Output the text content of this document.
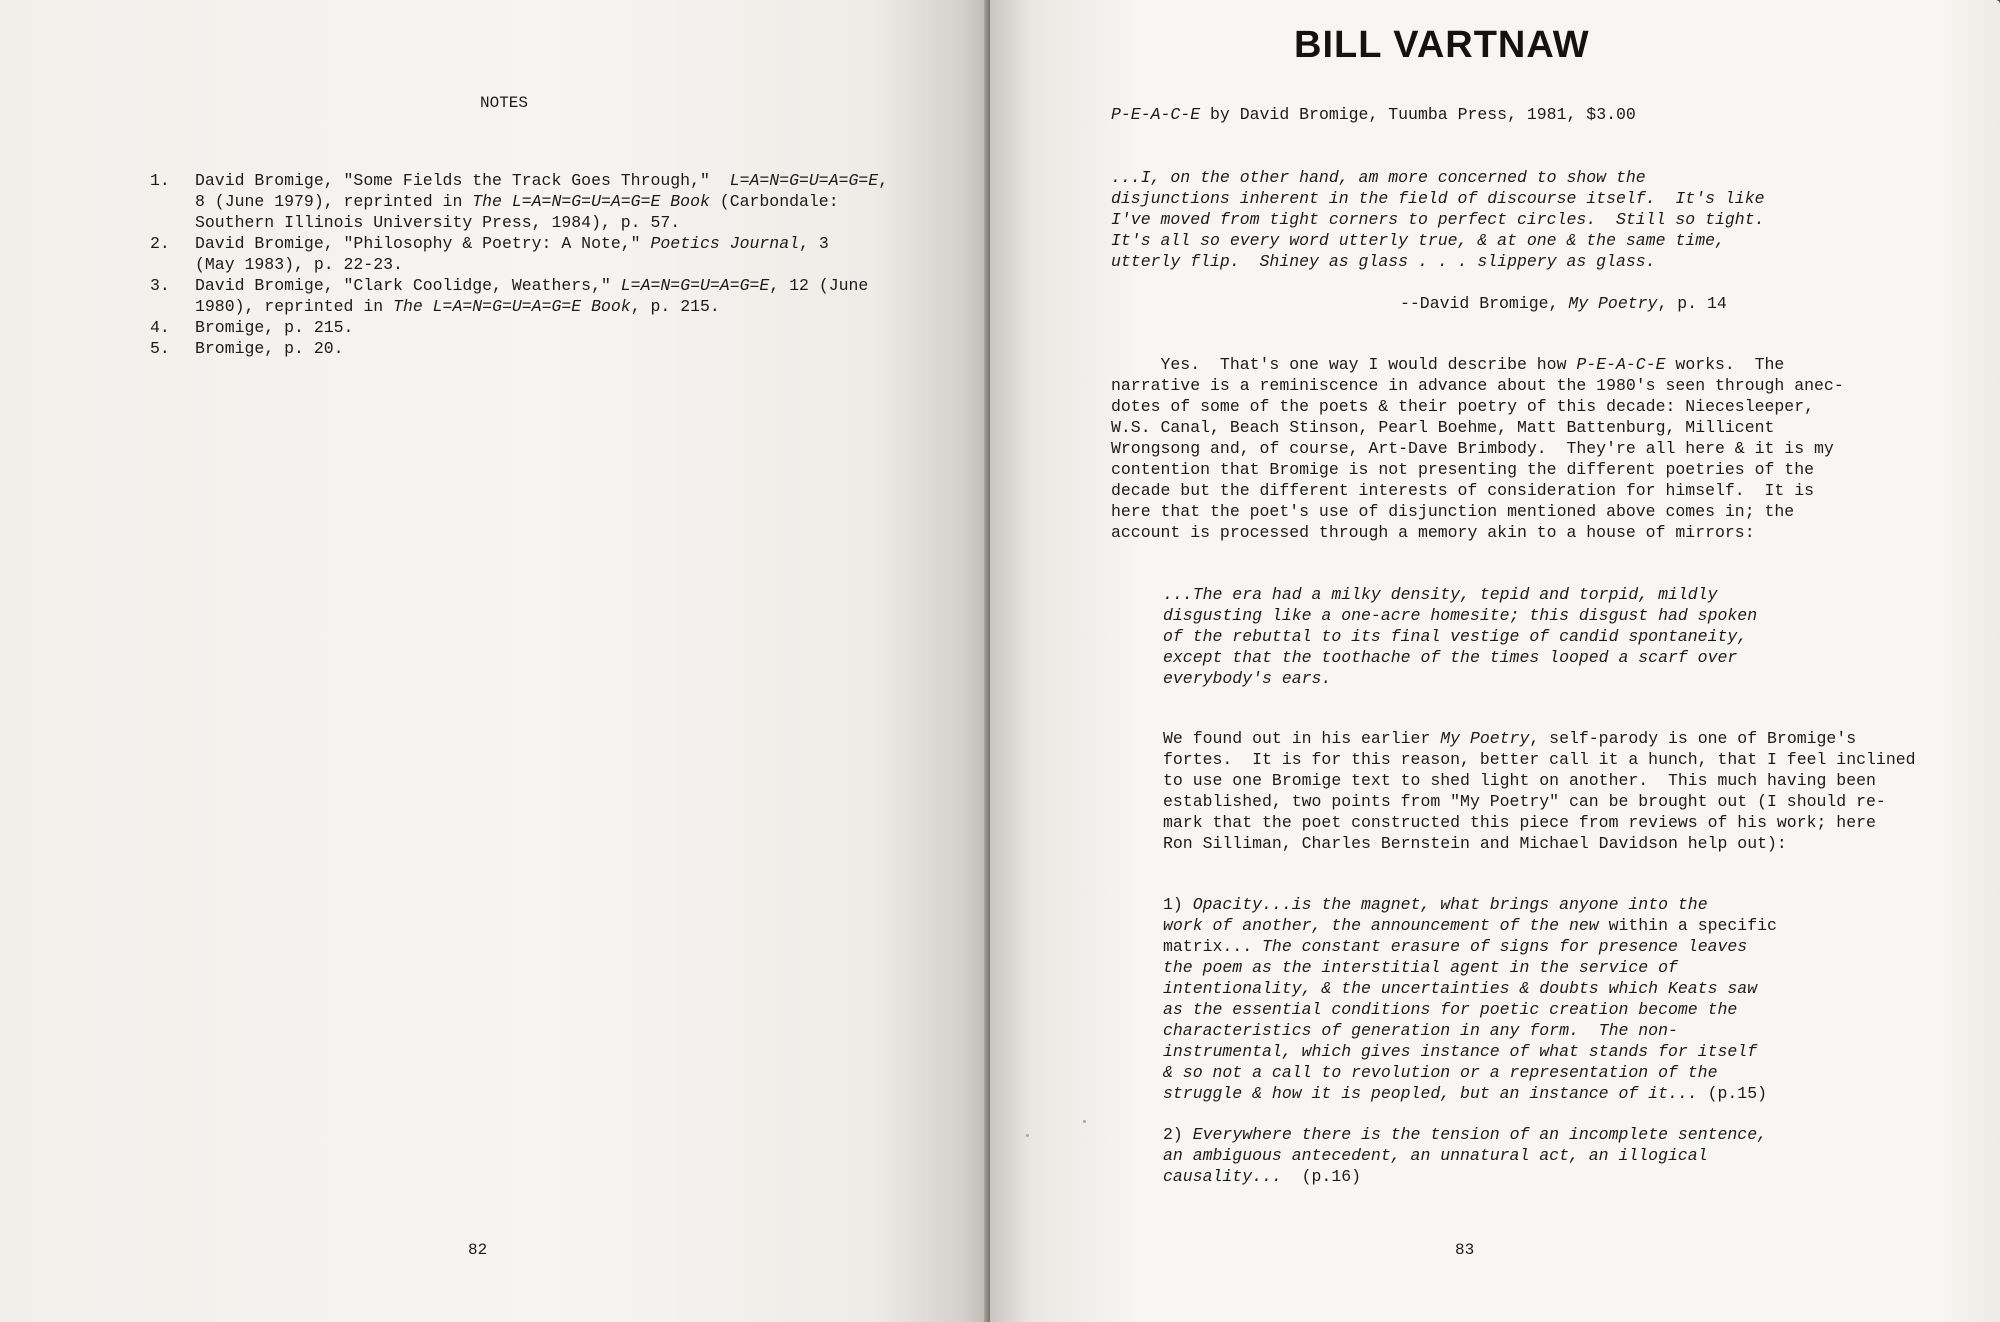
NOTES
1. David Bromige, "Some Fields the Track Goes Through,"  L=A=N=G=U=A=G=E,
8 (June 1979), reprinted in The L=A=N=G=U=A=G=E Book (Carbondale:
Southern Illinois University Press, 1984), p. 57.
2. David Bromige, "Philosophy & Poetry: A Note," Poetics Journal, 3
(May 1983), p. 22-23.
3. David Bromige, "Clark Coolidge, Weathers," L=A=N=G=U=A=G=E, 12 (June
1980), reprinted in The L=A=N=G=U=A=G=E Book, p. 215.
4. Bromige, p. 215.
5. Bromige, p. 20.
82
BILL VARTNAW
P-E-A-C-E by David Bromige, Tuumba Press, 1981, $3.00
...I, on the other hand, am more concerned to show the
disjunctions inherent in the field of discourse itself.  It's like
I've moved from tight corners to perfect circles.  Still so tight.
It's all so every word utterly true, & at one & the same time,
utterly flip.  Shiney as glass . . . slippery as glass.
--David Bromige, My Poetry, p. 14
Yes.  That's one way I would describe how P-E-A-C-E works.  The
narrative is a reminiscence in advance about the 1980's seen through anec-
dotes of some of the poets & their poetry of this decade: Niecesleeper,
W.S. Canal, Beach Stinson, Pearl Boehme, Matt Battenburg, Millicent
Wrongsong and, of course, Art-Dave Brimbody.  They're all here & it is my
contention that Bromige is not presenting the different poetries of the
decade but the different interests of consideration for himself.  It is
here that the poet's use of disjunction mentioned above comes in; the
account is processed through a memory akin to a house of mirrors:
...The era had a milky density, tepid and torpid, mildly
disgusting like a one-acre homesite; this disgust had spoken
of the rebuttal to its final vestige of candid spontaneity,
except that the toothache of the times looped a scarf over
everybody's ears.
We found out in his earlier My Poetry, self-parody is one of Bromige's
fortes.  It is for this reason, better call it a hunch, that I feel inclined
to use one Bromige text to shed light on another.  This much having been
established, two points from "My Poetry" can be brought out (I should re-
mark that the poet constructed this piece from reviews of his work; here
Ron Silliman, Charles Bernstein and Michael Davidson help out):
1) Opacity...is the magnet, what brings anyone into the
work of another, the announcement of the new within a specific
matrix... The constant erasure of signs for presence leaves
the poem as the interstitial agent in the service of
intentionality, & the uncertainties & doubts which Keats saw
as the essential conditions for poetic creation become the
characteristics of generation in any form.  The non-
instrumental, which gives instance of what stands for itself
& so not a call to revolution or a representation of the
struggle & how it is peopled, but an instance of it... (p.15)
2) Everywhere there is the tension of an incomplete sentence,
an ambiguous antecedent, an unnatural act, an illogical
causality...  (p.16)
83
